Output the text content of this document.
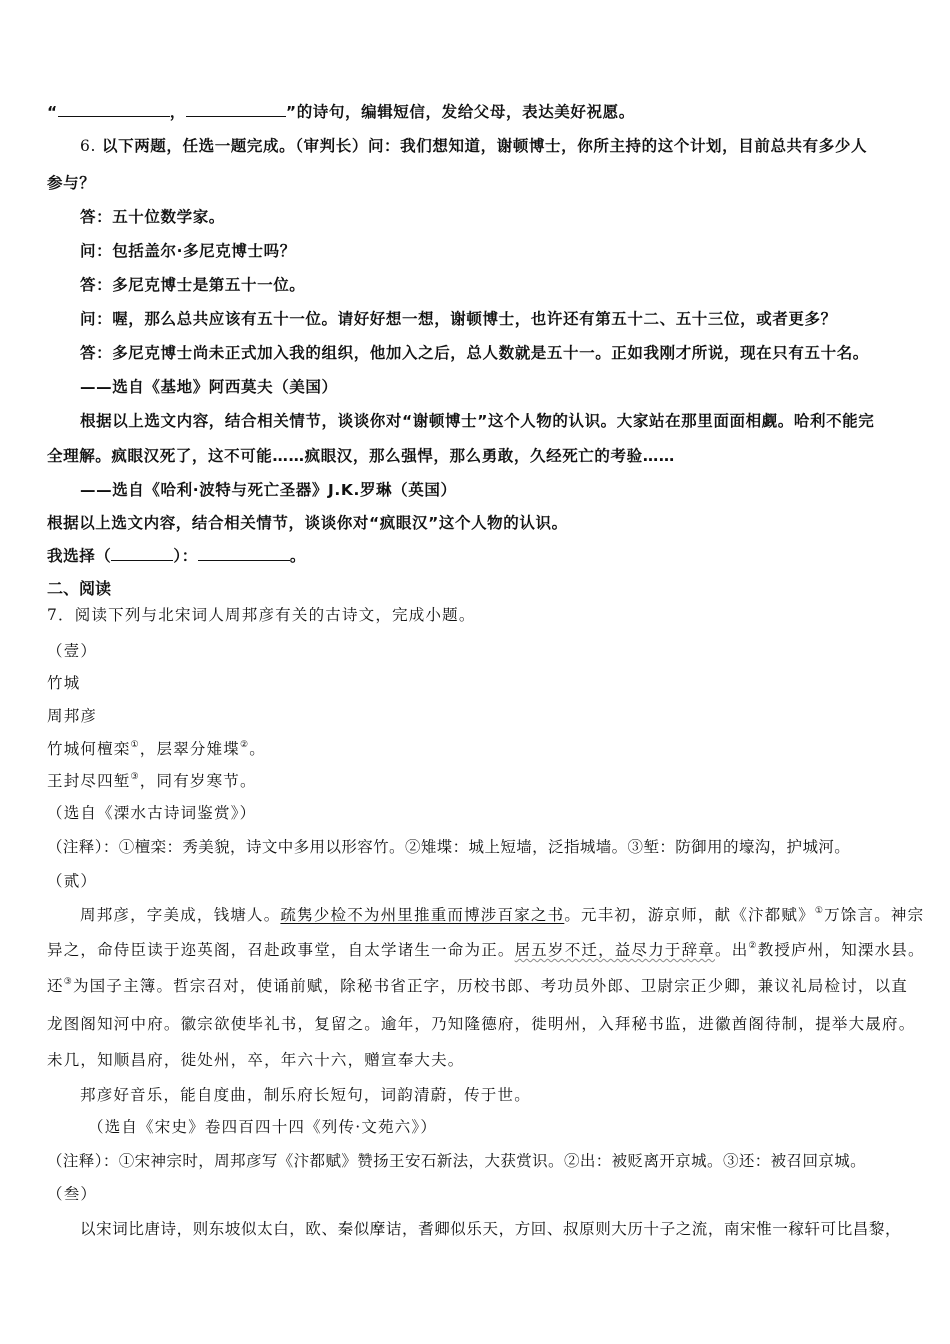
“	，	”的诗句，编辑短信，发给父母，表达美好祝愿。
6. 以下两题，任选一题完成。（审判长）问：我们想知道，谢顿博士，你所主持的这个计划，目前总共有多少人
参与？
答：五十位数学家。
问：包括盖尔·多尼克博士吗？
答：多尼克博士是第五十一位。
问：喔，那么总共应该有五十一位。请好好想一想，谢顿博士，也许还有第五十二、五十三位，或者更多？
答：多尼克博士尚未正式加入我的组织，他加入之后，总人数就是五十一。正如我刚才所说，现在只有五十名。
——选自《基地》阿西莫夫（美国）
根据以上选文内容，结合相关情节，谈谈你对“谢顿博士”这个人物的认识。大家站在那里面面相觑。哈利不能完
全理解。疯眼汉死了，这不可能……疯眼汉，那么强悍，那么勇敢，久经死亡的考验……
——选自《哈利·波特与死亡圣器》J.K.罗琳（英国）
根据以上选文内容，结合相关情节，谈谈你对“疯眼汉”这个人物的认识。
我选择（	）：	。
二、阅读
7．阅读下列与北宋词人周邦彦有关的古诗文，完成小题。
（壹）
竹城
周邦彦
竹城何檀栾①，层翠分雉堞②。
王封尽四堑③，同有岁寒节。
（选自《溧水古诗词鉴赏》）
（注释）：①檀栾：秀美貌，诗文中多用以形容竹。②雉堞：城上短墙，泛指城墙。③堑：防御用的壕沟，护城河。
（贰）
周邦彦，字美成，钱塘人。疏隽少检不为州里推重而博涉百家之书。元丰初，游京师，献《汴都赋》①万馀言。神宗
异之，命侍臣读于迩英阁，召赴政事堂，自太学诸生一命为正。居五岁不迁，益尽力于辞章。出②教授庐州，知溧水县。
还③为国子主簿。哲宗召对，使诵前赋，除秘书省正字，历校书郎、考功员外郎、卫尉宗正少卿，兼议礼局检讨，以直
龙图阁知河中府。徽宗欲使毕礼书，复留之。逾年，乃知隆德府，徙明州，入拜秘书监，进徽酋阁待制，提举大晟府。
未几，知顺昌府，徙处州，卒，年六十六，赠宣奉大夫。
邦彦好音乐，能自度曲，制乐府长短句，词韵清蔚，传于世。
（选自《宋史》卷四百四十四《列传·文苑六》）
（注释）：①宋神宗时，周邦彦写《汴都赋》赞扬王安石新法，大获赏识。②出：被贬离开京城。③还：被召回京城。
（叁）
以宋词比唐诗，则东坡似太白，欧、秦似摩诘，耆卿似乐天，方回、叔原则大历十子之流，南宋惟一稼轩可比昌黎，
